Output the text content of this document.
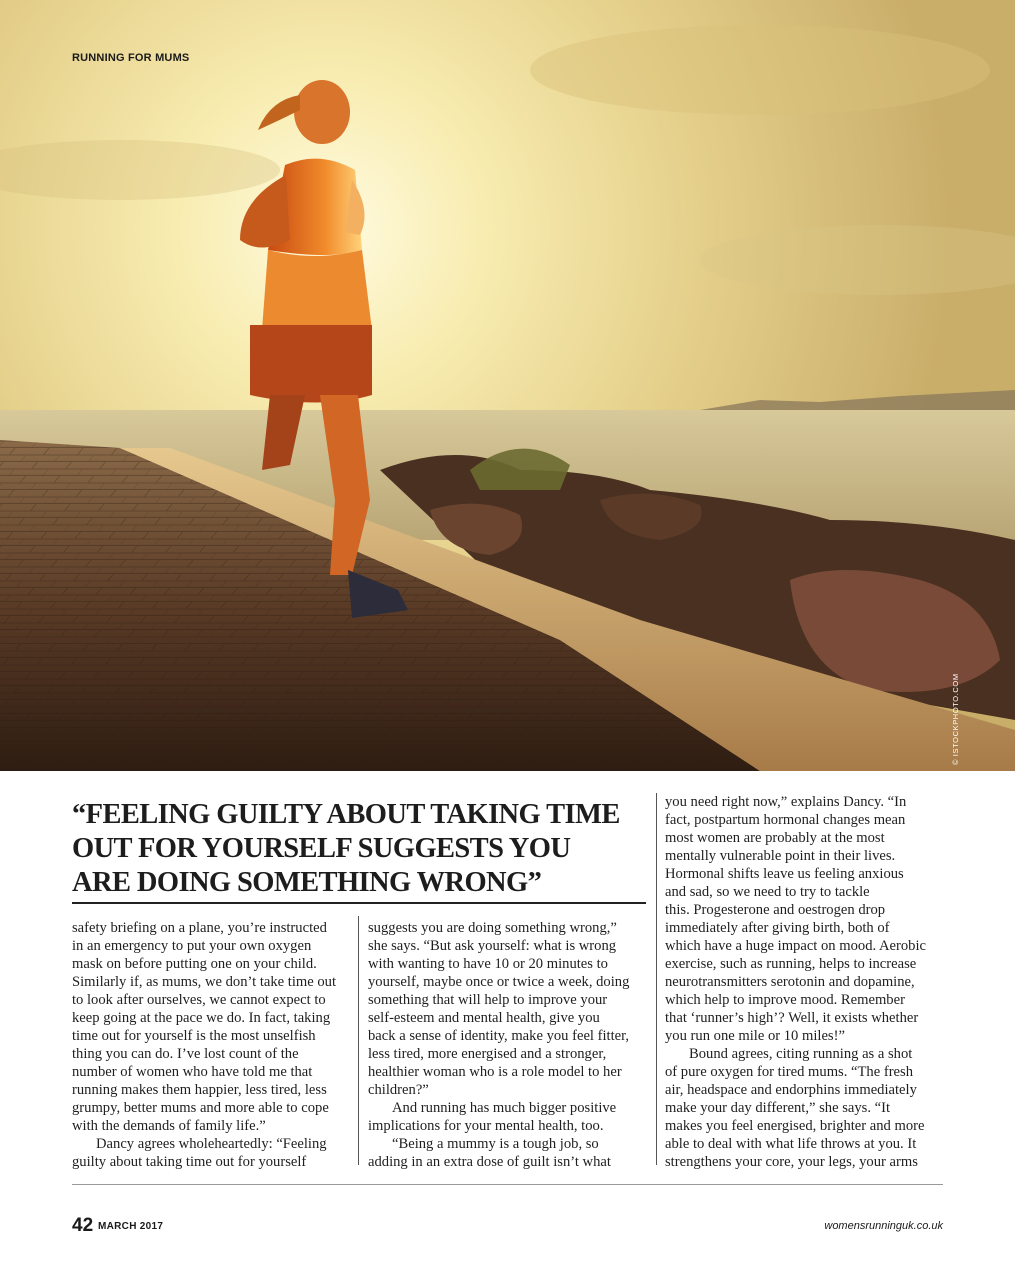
RUNNING FOR MUMS
© ISTOCKPHOTO.COM
“FEELING GUILTY ABOUT TAKING TIME
OUT FOR YOURSELF SUGGESTS YOU
ARE DOING SOMETHING WRONG”

safety briefing on a plane, you’re instructed

in an emergency to put your own oxygen

mask on before putting one on your child.

Similarly if, as mums, we don’t take time out

to look after ourselves, we cannot expect to

keep going at the pace we do. In fact, taking

time out for yourself is the most unselfish

thing you can do. I’ve lost count of the

number of women who have told me that

running makes them happier, less tired, less

grumpy, better mums and more able to cope

with the demands of family life.”

Dancy agrees wholeheartedly: “Feeling

guilty about taking time out for yourself

suggests you are doing something wrong,”

she says. “But ask yourself: what is wrong

with wanting to have 10 or 20 minutes to

yourself, maybe once or twice a week, doing

something that will help to improve your

self-esteem and mental health, give you

back a sense of identity, make you feel fitter,

less tired, more energised and a stronger,

healthier woman who is a role model to her

children?”

And running has much bigger positive

implications for your mental health, too.

“Being a mummy is a tough job, so

adding in an extra dose of guilt isn’t what

you need right now,” explains Dancy. “In

fact, postpartum hormonal changes mean

most women are probably at the most

mentally vulnerable point in their lives.

Hormonal shifts leave us feeling anxious

and sad, so we need to try to tackle

this. Progesterone and oestrogen drop

immediately after giving birth, both of

which have a huge impact on mood. Aerobic

exercise, such as running, helps to increase

neurotransmitters serotonin and dopamine,

which help to improve mood. Remember

that ‘runner’s high’? Well, it exists whether

you run one mile or 10 miles!”

Bound agrees, citing running as a shot

of pure oxygen for tired mums. “The fresh

air, headspace and endorphins immediately

make your day different,” she says. “It

makes you feel energised, brighter and more

able to deal with what life throws at you. It

strengthens your core, your legs, your arms

42 MARCH 2017	womensrunninguk.co.uk
